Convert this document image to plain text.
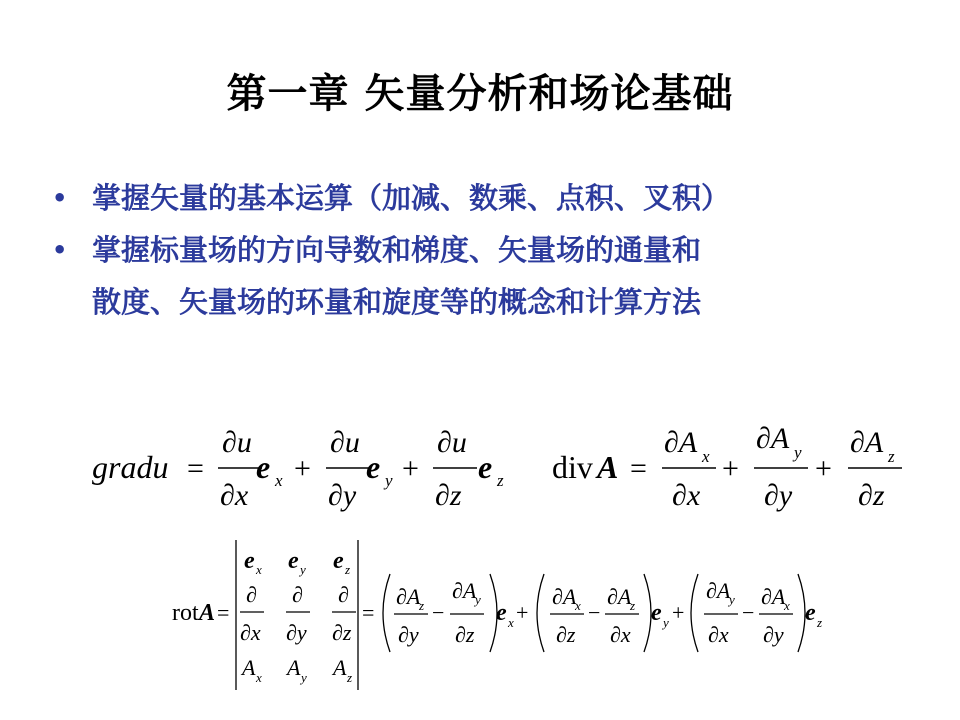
第一章 矢量分析和场论基础
• 掌握矢量的基本运算（加减、数乘、点积、叉积）
• 掌握标量场的方向导数和梯度、矢量场的通量和
散度、矢量场的环量和旋度等的概念和计算方法
gradu =
∂u
∂x
e x +
∂u
∂y
e y +
∂u
∂z
e z div A =
∂A x
∂x
+
∂A y
∂y
+
∂A z
∂z
rot A =
e x e y e z
∂
∂x
∂
∂y
∂
∂z
A x A y A z
=
∂A
z
∂y
−
∂A
y
∂z
e x +
∂A
x
∂z
−
∂A
z
∂x
e y +
∂A
y
∂x
−
∂A
x
∂y
e z
